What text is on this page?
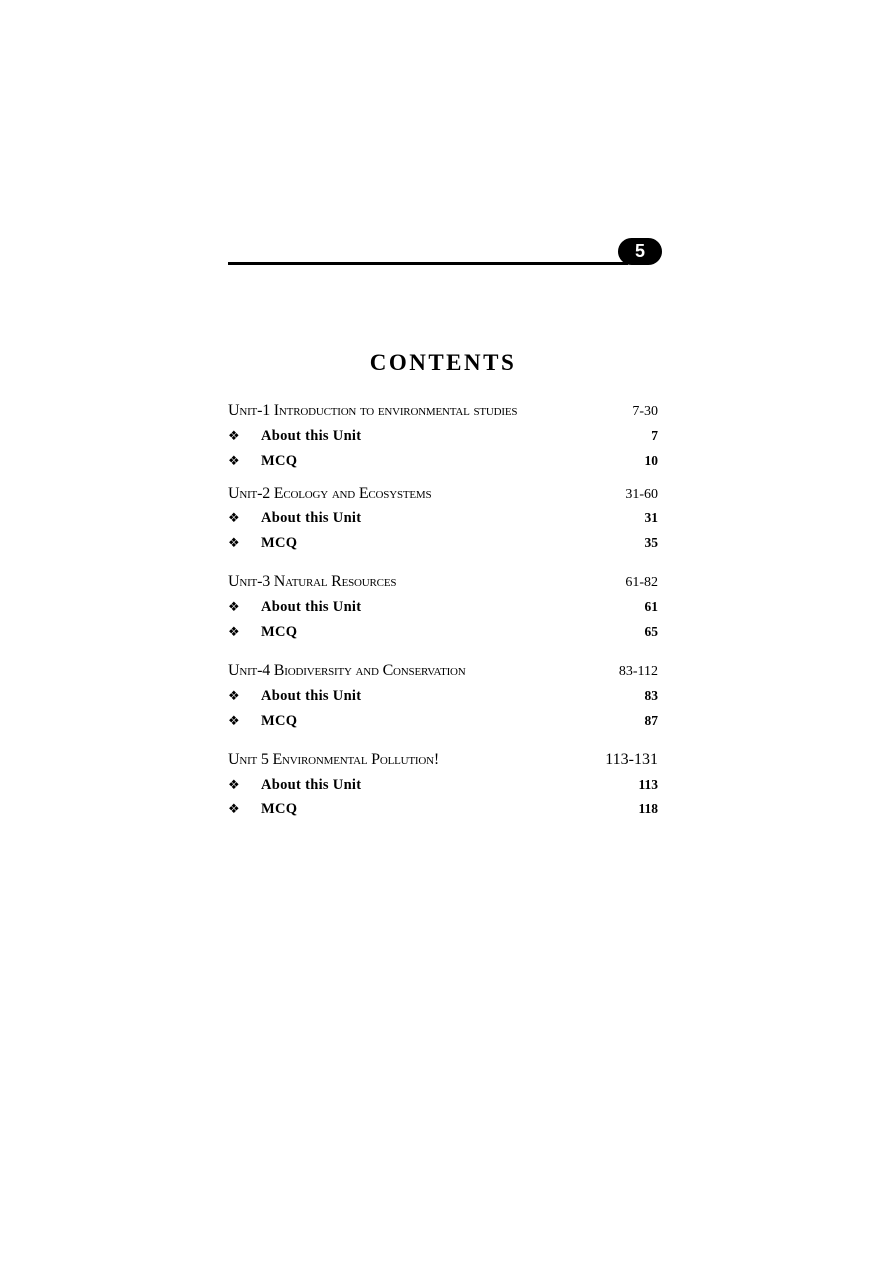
5
CONTENTS
Unit-1 Introduction to environmental studies	7-30
❖	About this Unit	7
❖	MCQ	10
Unit-2 Ecology and Ecosystems	31-60
❖	About this Unit	31
❖	MCQ	35
Unit-3 Natural Resources	61-82
❖	About this Unit	61
❖	MCQ	65
Unit-4 Biodiversity and Conservation	83-112
❖	About this Unit	83
❖	MCQ	87
Unit 5 Environmental Pollution!	113-131
❖	About this Unit	113
❖	MCQ	118
